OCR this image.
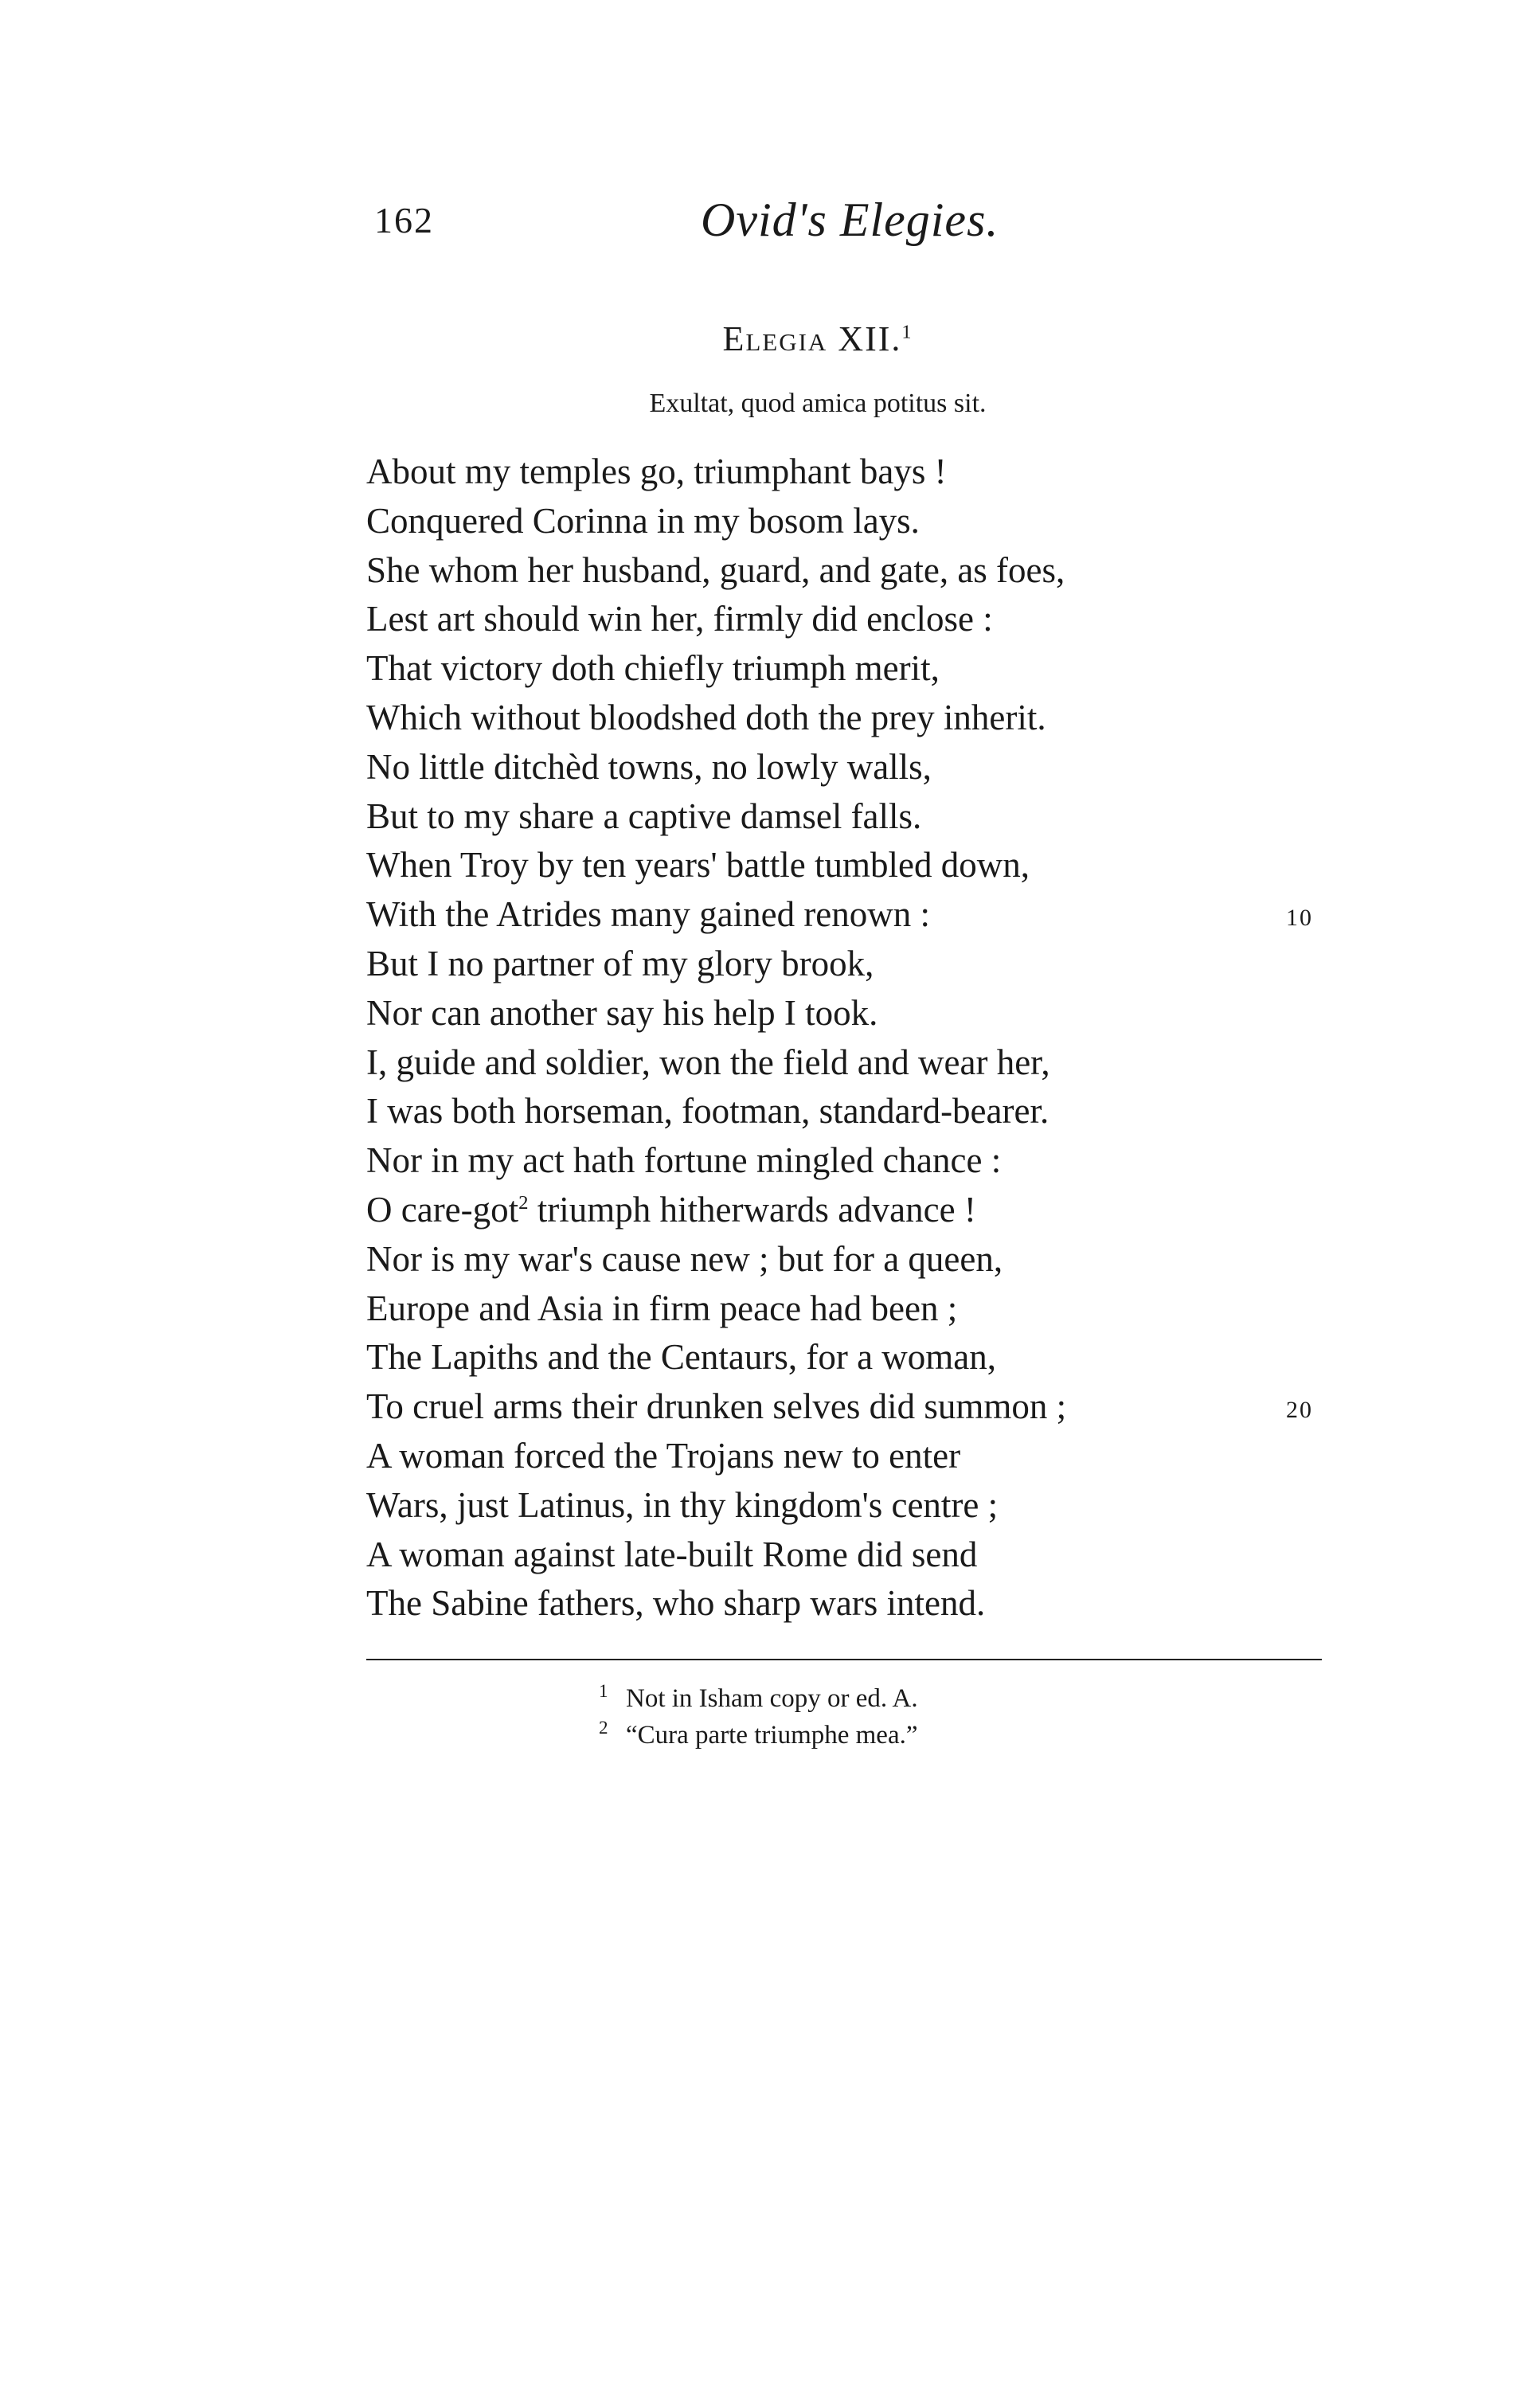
162	Ovid's Elegies.
Elegia XII.$^1$
Exultat, quod amica potitus sit.
About my temples go, triumphant bays !
Conquered Corinna in my bosom lays.
She whom her husband, guard, and gate, as foes,
Lest art should win her, firmly did enclose :
That victory doth chiefly triumph merit,
Which without bloodshed doth the prey inherit.
No little ditchèd towns, no lowly walls,
But to my share a captive damsel falls.
When Troy by ten years' battle tumbled down,
With the Atrides many gained renown :	10
But I no partner of my glory brook,
Nor can another say his help I took.
I, guide and soldier, won the field and wear her,
I was both horseman, footman, standard-bearer.
Nor in my act hath fortune mingled chance :
O care-got$^2$ triumph hitherwards advance !
Nor is my war's cause new ; but for a queen,
Europe and Asia in firm peace had been ;
The Lapiths and the Centaurs, for a woman,
To cruel arms their drunken selves did summon ;	20
A woman forced the Trojans new to enter
Wars, just Latinus, in thy kingdom's centre ;
A woman against late-built Rome did send
The Sabine fathers, who sharp wars intend.
1 Not in Isham copy or ed. A.
2 “Cura parte triumphe mea.”
